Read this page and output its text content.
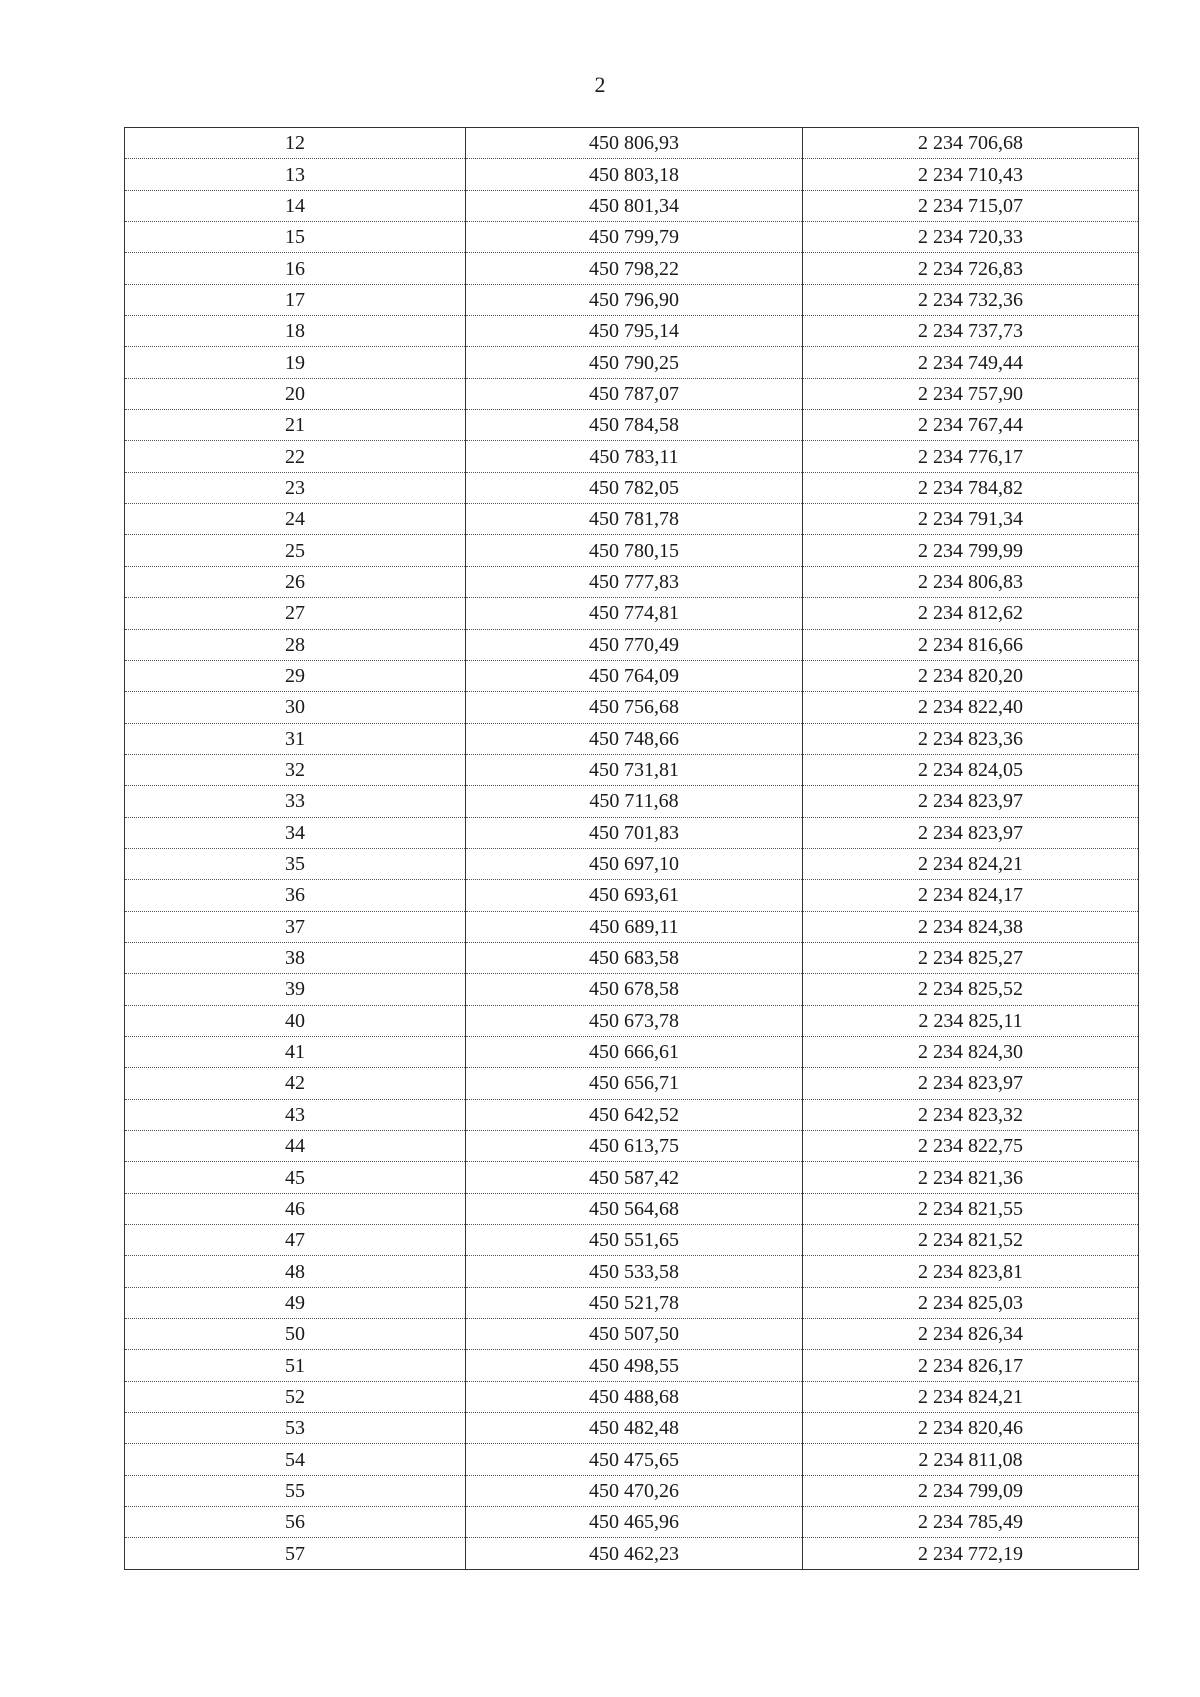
2
12	450 806,93	2 234 706,68
13	450 803,18	2 234 710,43
14	450 801,34	2 234 715,07
15	450 799,79	2 234 720,33
16	450 798,22	2 234 726,83
17	450 796,90	2 234 732,36
18	450 795,14	2 234 737,73
19	450 790,25	2 234 749,44
20	450 787,07	2 234 757,90
21	450 784,58	2 234 767,44
22	450 783,11	2 234 776,17
23	450 782,05	2 234 784,82
24	450 781,78	2 234 791,34
25	450 780,15	2 234 799,99
26	450 777,83	2 234 806,83
27	450 774,81	2 234 812,62
28	450 770,49	2 234 816,66
29	450 764,09	2 234 820,20
30	450 756,68	2 234 822,40
31	450 748,66	2 234 823,36
32	450 731,81	2 234 824,05
33	450 711,68	2 234 823,97
34	450 701,83	2 234 823,97
35	450 697,10	2 234 824,21
36	450 693,61	2 234 824,17
37	450 689,11	2 234 824,38
38	450 683,58	2 234 825,27
39	450 678,58	2 234 825,52
40	450 673,78	2 234 825,11
41	450 666,61	2 234 824,30
42	450 656,71	2 234 823,97
43	450 642,52	2 234 823,32
44	450 613,75	2 234 822,75
45	450 587,42	2 234 821,36
46	450 564,68	2 234 821,55
47	450 551,65	2 234 821,52
48	450 533,58	2 234 823,81
49	450 521,78	2 234 825,03
50	450 507,50	2 234 826,34
51	450 498,55	2 234 826,17
52	450 488,68	2 234 824,21
53	450 482,48	2 234 820,46
54	450 475,65	2 234 811,08
55	450 470,26	2 234 799,09
56	450 465,96	2 234 785,49
57	450 462,23	2 234 772,19
